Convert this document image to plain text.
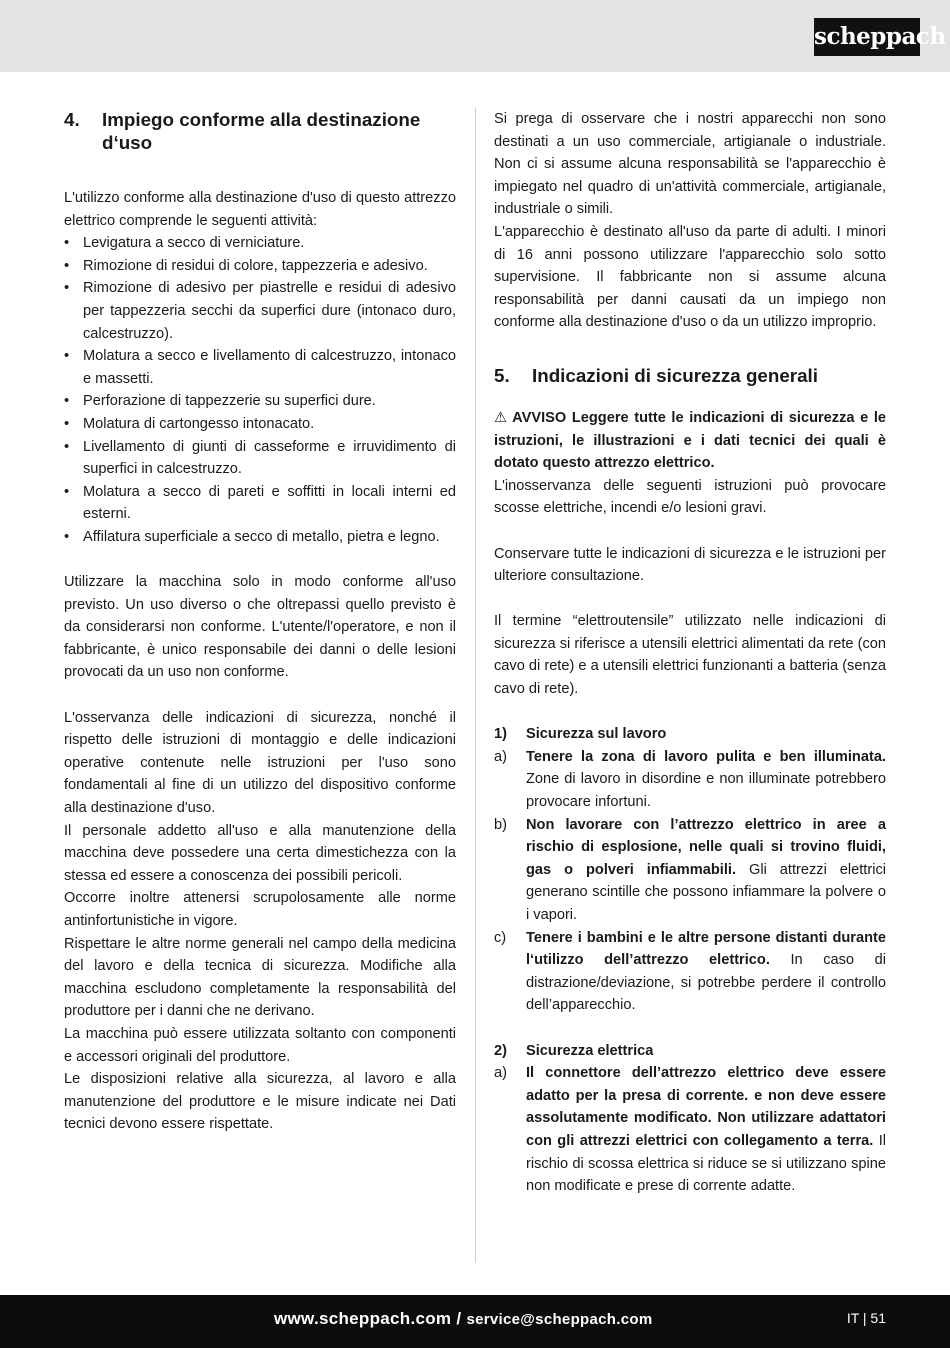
scheppach
4.	Impiego conforme alla destinazione d‘uso

L'utilizzo conforme alla destinazione d'uso di questo attrezzo elettrico comprende le seguenti attività:

• Levigatura a secco di verniciature.
• Rimozione di residui di colore, tappezzeria e adesivo.
• Rimozione di adesivo per piastrelle e residui di adesivo per tappezzeria secchi da superfici dure (intonaco duro, calcestruzzo).
• Molatura a secco e livellamento di calcestruzzo, intonaco e massetti.
• Perforazione di tappezzerie su superfici dure.
• Molatura di cartongesso intonacato.
• Livellamento di giunti di casseforme e irruvidimento di superfici in calcestruzzo.
• Molatura a secco di pareti e soffitti in locali interni ed esterni.
• Affilatura superficiale a secco di metallo, pietra e legno.

Utilizzare la macchina solo in modo conforme all'uso previsto. Un uso diverso o che oltrepassi quello previsto è da considerarsi non conforme. L'utente/l'operatore, e non il fabbricante, è unico responsabile dei danni o delle lesioni provocati da un uso non conforme.

L'osservanza delle indicazioni di sicurezza, nonché il rispetto delle istruzioni di montaggio e delle indicazioni operative contenute nelle istruzioni per l'uso sono fondamentali al fine di un utilizzo del dispositivo conforme alla destinazione d'uso.

Il personale addetto all'uso e alla manutenzione della macchina deve possedere una certa dimestichezza con la stessa ed essere a conoscenza dei possibili pericoli.

Occorre inoltre attenersi scrupolosamente alle norme antinfortunistiche in vigore.

Rispettare le altre norme generali nel campo della medicina del lavoro e della tecnica di sicurezza. Modifiche alla macchina escludono completamente la responsabilità del produttore per i danni che ne derivano.

La macchina può essere utilizzata soltanto con componenti e accessori originali del produttore.

Le disposizioni relative alla sicurezza, al lavoro e alla manutenzione del produttore e le misure indicate nei Dati tecnici devono essere rispettate.

Si prega di osservare che i nostri apparecchi non sono destinati a un uso commerciale, artigianale o industriale. Non ci si assume alcuna responsabilità se l'apparecchio è impiegato nel quadro di un'attività commerciale, artigianale, industriale o simili.

L'apparecchio è destinato all'uso da parte di adulti. I minori di 16 anni possono utilizzare l'apparecchio solo sotto supervisione. Il fabbricante non si assume alcuna responsabilità per danni causati da un impiego non conforme alla destinazione d'uso o da un utilizzo improprio.

5.	Indicazioni di sicurezza generali

⚠ AVVISO Leggere tutte le indicazioni di sicurezza e le istruzioni, le illustrazioni e i dati tecnici dei quali è dotato questo attrezzo elettrico.

L'inosservanza delle seguenti istruzioni può provocare scosse elettriche, incendi e/o lesioni gravi.

Conservare tutte le indicazioni di sicurezza e le istruzioni per ulteriore consultazione.

Il termine “elettroutensile” utilizzato nelle indicazioni di sicurezza si riferisce a utensili elettrici alimentati da rete (con cavo di rete) e a utensili elettrici funzionanti a batteria (senza cavo di rete).

1)	Sicurezza sul lavoro
a)	Tenere la zona di lavoro pulita e ben illuminata. Zone di lavoro in disordine e non illuminate potrebbero provocare infortuni.
b)	Non lavorare con l’attrezzo elettrico in aree a rischio di esplosione, nelle quali si trovino fluidi, gas o polveri infiammabili. Gli attrezzi elettrici generano scintille che possono infiammare la polvere o i vapori.
c)	Tenere i bambini e le altre persone distanti durante l‘utilizzo dell’attrezzo elettrico. In caso di distrazione/deviazione, si potrebbe perdere il controllo dell’apparecchio.
2)	Sicurezza elettrica
a)	Il connettore dell’attrezzo elettrico deve essere adatto per la presa di corrente. e non deve essere assolutamente modificato. Non utilizzare adattatori con gli attrezzi elettrici con collegamento a terra. Il rischio di scossa elettrica si riduce se si utilizzano spine non modificate e prese di corrente adatte.
www.scheppach.com / service@scheppach.com	IT | 51
